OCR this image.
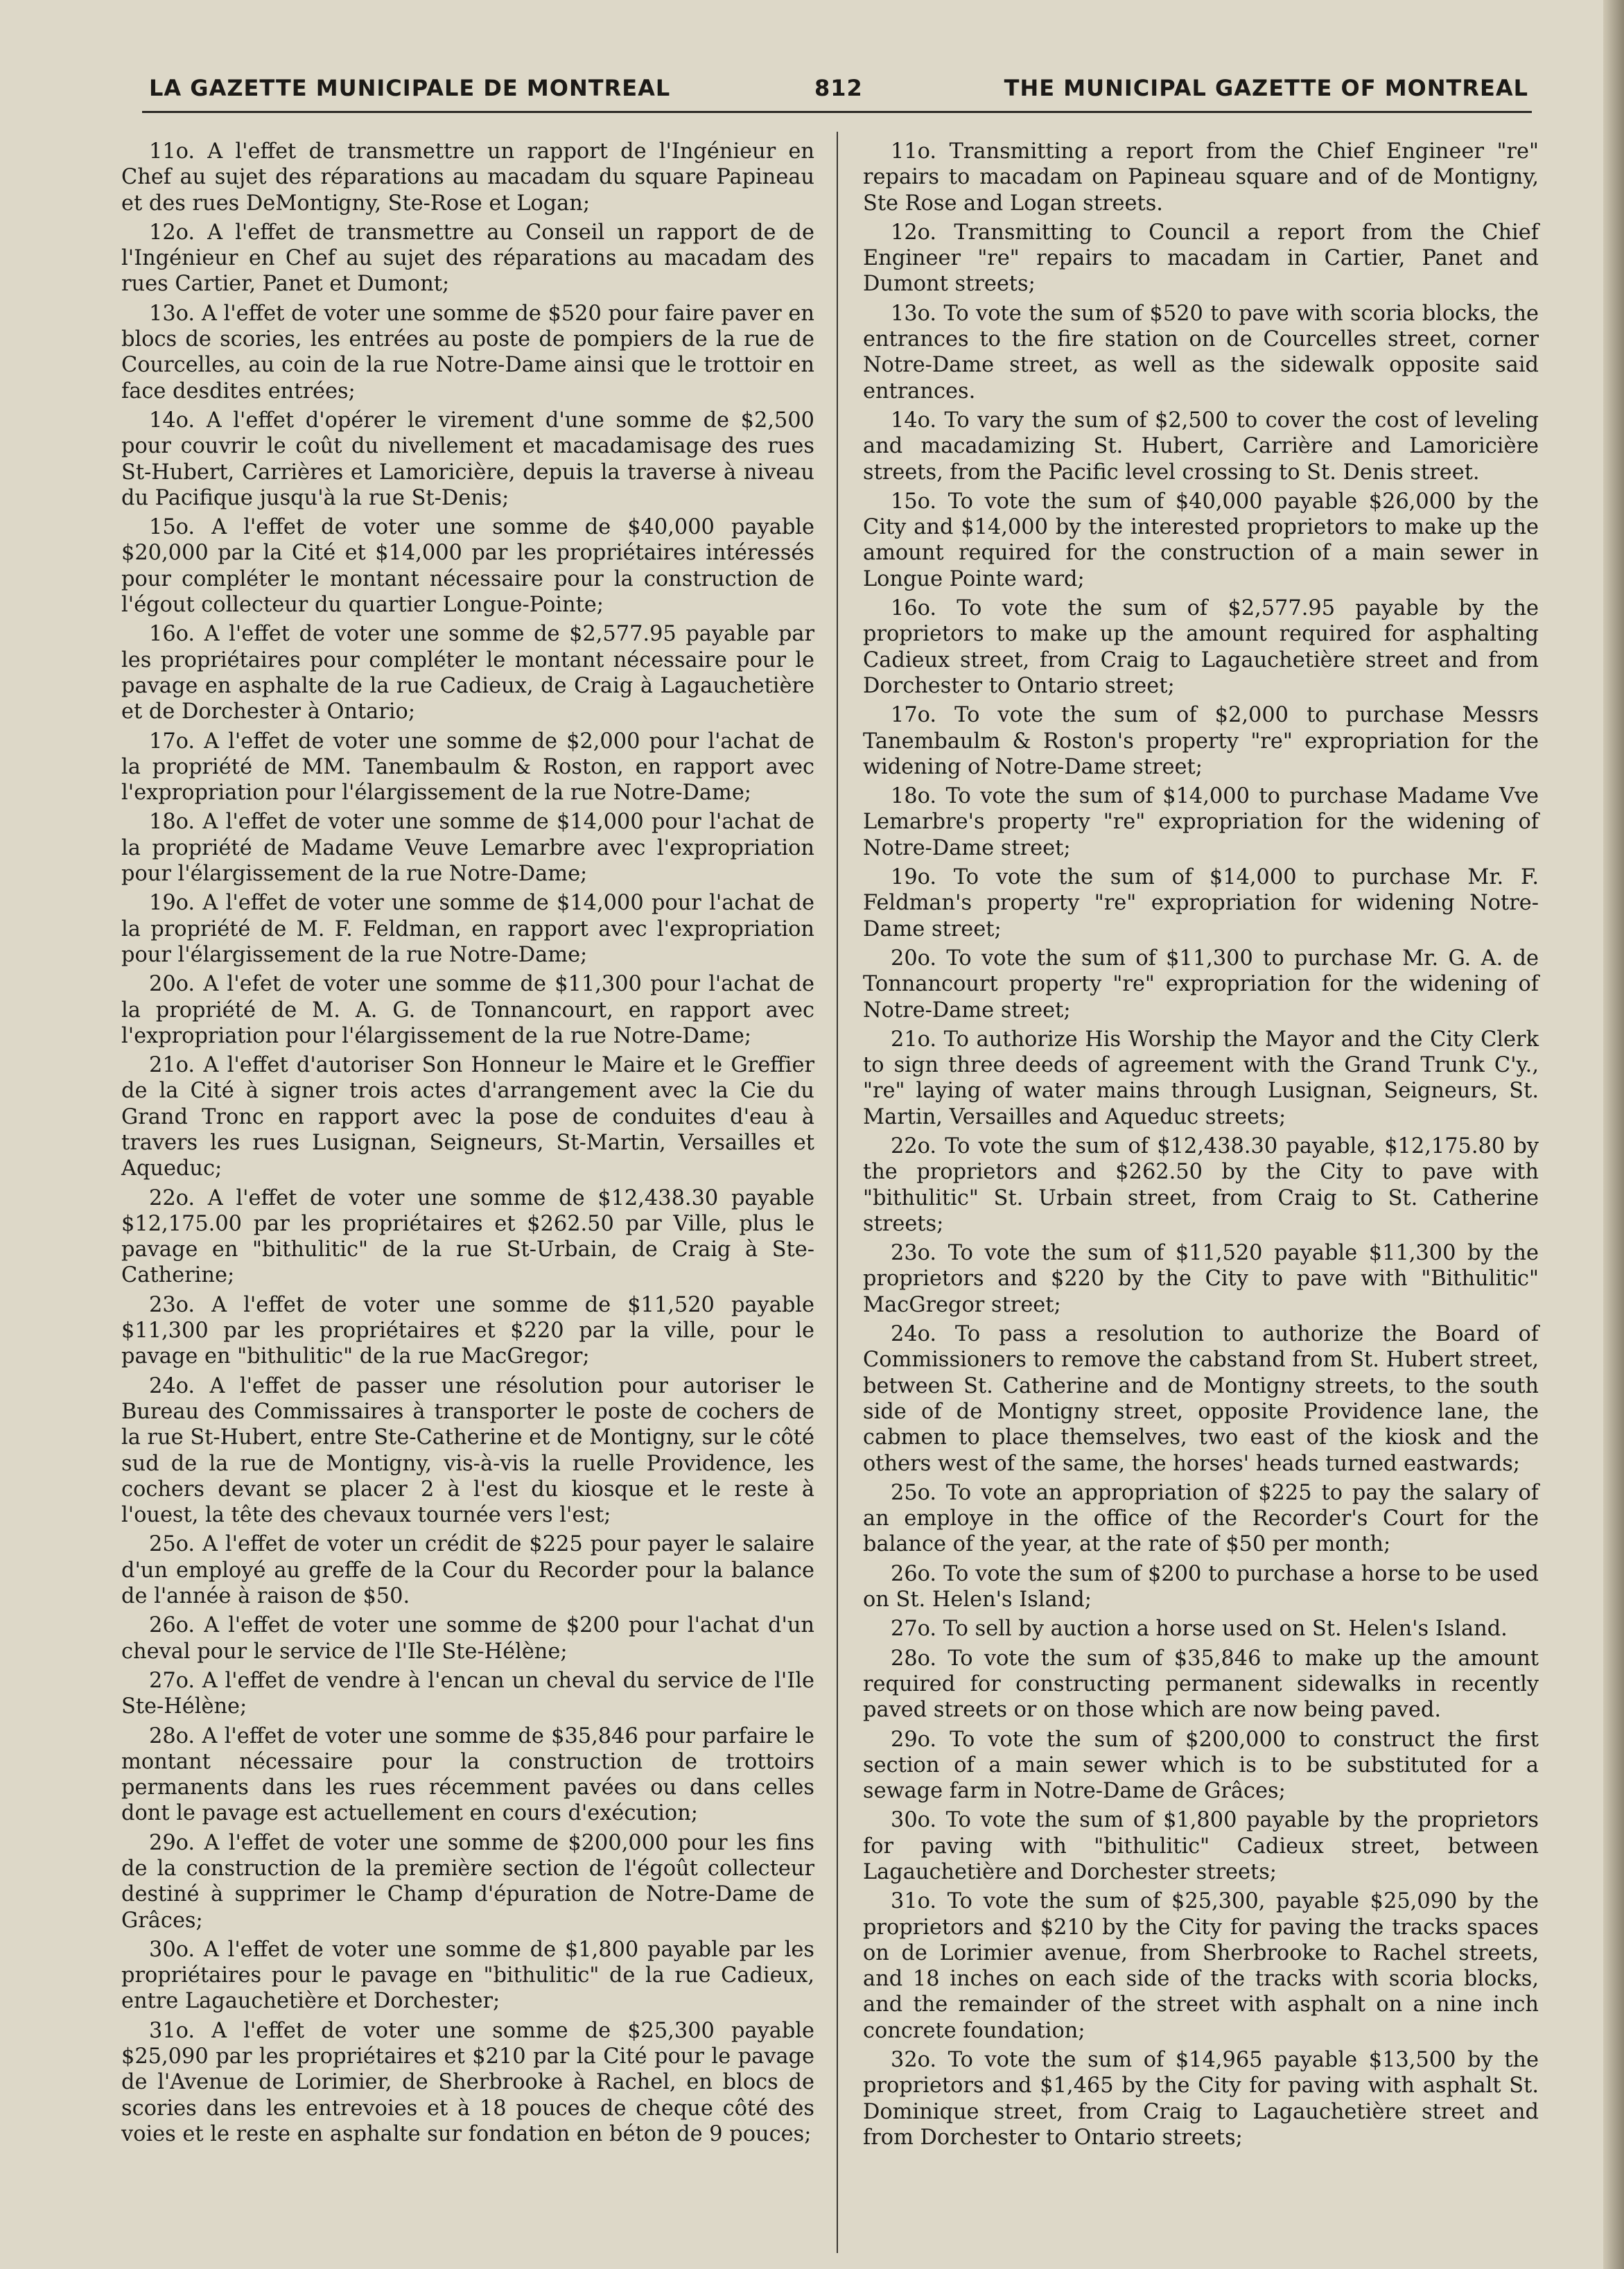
LA GAZETTE MUNICIPALE DE MONTREAL	812	THE MUNICIPAL GAZETTE OF MONTREAL

11o. A l'effet de transmettre un rapport de l'Ingénieur en Chef au sujet des réparations au macadam du square Papineau et des rues DeMontigny, Ste-Rose et Logan;

12o. A l'effet de transmettre au Conseil un rapport de de l'Ingénieur en Chef au sujet des réparations au macadam des rues Cartier, Panet et Dumont;

13o. A l'effet de voter une somme de $520 pour faire paver en blocs de scories, les entrées au poste de pompiers de la rue de Courcelles, au coin de la rue Notre-Dame ainsi que le trottoir en face desdites entrées;

14o. A l'effet d'opérer le virement d'une somme de $2,500 pour couvrir le coût du nivellement et macadamisage des rues St-Hubert, Carrières et Lamoricière, depuis la traverse à niveau du Pacifique jusqu'à la rue St-Denis;

15o. A l'effet de voter une somme de $40,000 payable $20,000 par la Cité et $14,000 par les propriétaires intéressés pour compléter le montant nécessaire pour la construction de l'égout collecteur du quartier Longue-Pointe;

16o. A l'effet de voter une somme de $2,577.95 payable par les propriétaires pour compléter le montant nécessaire pour le pavage en asphalte de la rue Cadieux, de Craig à Lagauchetière et de Dorchester à Ontario;

17o. A l'effet de voter une somme de $2,000 pour l'achat de la propriété de MM. Tanembaulm & Roston, en rapport avec l'expropriation pour l'élargissement de la rue Notre-Dame;

18o. A l'effet de voter une somme de $14,000 pour l'achat de la propriété de Madame Veuve Lemarbre avec l'expropriation pour l'élargissement de la rue Notre-Dame;

19o. A l'effet de voter une somme de $14,000 pour l'achat de la propriété de M. F. Feldman, en rapport avec l'expropriation pour l'élargissement de la rue Notre-Dame;

20o. A l'efet de voter une somme de $11,300 pour l'achat de la propriété de M. A. G. de Tonnancourt, en rapport avec l'expropriation pour l'élargissement de la rue Notre-Dame;

21o. A l'effet d'autoriser Son Honneur le Maire et le Greffier de la Cité à signer trois actes d'arrangement avec la Cie du Grand Tronc en rapport avec la pose de conduites d'eau à travers les rues Lusignan, Seigneurs, St-Martin, Versailles et Aqueduc;

22o. A l'effet de voter une somme de $12,438.30 payable $12,175.00 par les propriétaires et $262.50 par Ville, plus le pavage en "bithulitic" de la rue St-Urbain, de Craig à Ste-Catherine;

23o. A l'effet de voter une somme de $11,520 payable $11,300 par les propriétaires et $220 par la ville, pour le pavage en "bithulitic" de la rue MacGregor;

24o. A l'effet de passer une résolution pour autoriser le Bureau des Commissaires à transporter le poste de cochers de la rue St-Hubert, entre Ste-Catherine et de Montigny, sur le côté sud de la rue de Montigny, vis-à-vis la ruelle Providence, les cochers devant se placer 2 à l'est du kiosque et le reste à l'ouest, la tête des chevaux tournée vers l'est;

25o. A l'effet de voter un crédit de $225 pour payer le salaire d'un employé au greffe de la Cour du Recorder pour la balance de l'année à raison de $50.

26o. A l'effet de voter une somme de $200 pour l'achat d'un cheval pour le service de l'Ile Ste-Hélène;

27o. A l'effet de vendre à l'encan un cheval du service de l'Ile Ste-Hélène;

28o. A l'effet de voter une somme de $35,846 pour parfaire le montant nécessaire pour la construction de trottoirs permanents dans les rues récemment pavées ou dans celles dont le pavage est actuellement en cours d'exécution;

29o. A l'effet de voter une somme de $200,000 pour les fins de la construction de la première section de l'égoût collecteur destiné à supprimer le Champ d'épuration de Notre-Dame de Grâces;

30o. A l'effet de voter une somme de $1,800 payable par les propriétaires pour le pavage en "bithulitic" de la rue Cadieux, entre Lagauchetière et Dorchester;

31o. A l'effet de voter une somme de $25,300 payable $25,090 par les propriétaires et $210 par la Cité pour le pavage de l'Avenue de Lorimier, de Sherbrooke à Rachel, en blocs de scories dans les entrevoies et à 18 pouces de cheque côté des voies et le reste en asphalte sur fondation en béton de 9 pouces;

11o. Transmitting a report from the Chief Engineer "re" repairs to macadam on Papineau square and of de Montigny, Ste Rose and Logan streets.

12o. Transmitting to Council a report from the Chief Engineer "re" repairs to macadam in Cartier, Panet and Dumont streets;

13o. To vote the sum of $520 to pave with scoria blocks, the entrances to the fire station on de Courcelles street, corner Notre-Dame street, as well as the sidewalk opposite said entrances.

14o. To vary the sum of $2,500 to cover the cost of leveling and macadamizing St. Hubert, Carrière and Lamoricière streets, from the Pacific level crossing to St. Denis street.

15o. To vote the sum of $40,000 payable $26,000 by the City and $14,000 by the interested proprietors to make up the amount required for the construction of a main sewer in Longue Pointe ward;

16o. To vote the sum of $2,577.95 payable by the proprietors to make up the amount required for asphalting Cadieux street, from Craig to Lagauchetière street and from Dorchester to Ontario street;

17o. To vote the sum of $2,000 to purchase Messrs Tanembaulm & Roston's property "re" expropriation for the widening of Notre-Dame street;

18o. To vote the sum of $14,000 to purchase Madame Vve Lemarbre's property "re" expropriation for the widening of Notre-Dame street;

19o. To vote the sum of $14,000 to purchase Mr. F. Feldman's property "re" expropriation for widening Notre-Dame street;

20o. To vote the sum of $11,300 to purchase Mr. G. A. de Tonnancourt property "re" expropriation for the widening of Notre-Dame street;

21o. To authorize His Worship the Mayor and the City Clerk to sign three deeds of agreement with the Grand Trunk C'y., "re" laying of water mains through Lusignan, Seigneurs, St. Martin, Versailles and Aqueduc streets;

22o. To vote the sum of $12,438.30 payable, $12,175.80 by the proprietors and $262.50 by the City to pave with "bithulitic" St. Urbain street, from Craig to St. Catherine streets;

23o. To vote the sum of $11,520 payable $11,300 by the proprietors and $220 by the City to pave with "Bithulitic" MacGregor street;

24o. To pass a resolution to authorize the Board of Commissioners to remove the cabstand from St. Hubert street, between St. Catherine and de Montigny streets, to the south side of de Montigny street, opposite Providence lane, the cabmen to place themselves, two east of the kiosk and the others west of the same, the horses' heads turned eastwards;

25o. To vote an appropriation of $225 to pay the salary of an employe in the office of the Recorder's Court for the balance of the year, at the rate of $50 per month;

26o. To vote the sum of $200 to purchase a horse to be used on St. Helen's Island;

27o. To sell by auction a horse used on St. Helen's Island.

28o. To vote the sum of $35,846 to make up the amount required for constructing permanent sidewalks in recently paved streets or on those which are now being paved.

29o. To vote the sum of $200,000 to construct the first section of a main sewer which is to be substituted for a sewage farm in Notre-Dame de Grâces;

30o. To vote the sum of $1,800 payable by the proprietors for paving with "bithulitic" Cadieux street, between Lagauchetière and Dorchester streets;

31o. To vote the sum of $25,300, payable $25,090 by the proprietors and $210 by the City for paving the tracks spaces on de Lorimier avenue, from Sherbrooke to Rachel streets, and 18 inches on each side of the tracks with scoria blocks, and the remainder of the street with asphalt on a nine inch concrete foundation;

32o. To vote the sum of $14,965 payable $13,500 by the proprietors and $1,465 by the City for paving with asphalt St. Dominique street, from Craig to Lagauchetière street and from Dorchester to Ontario streets;
